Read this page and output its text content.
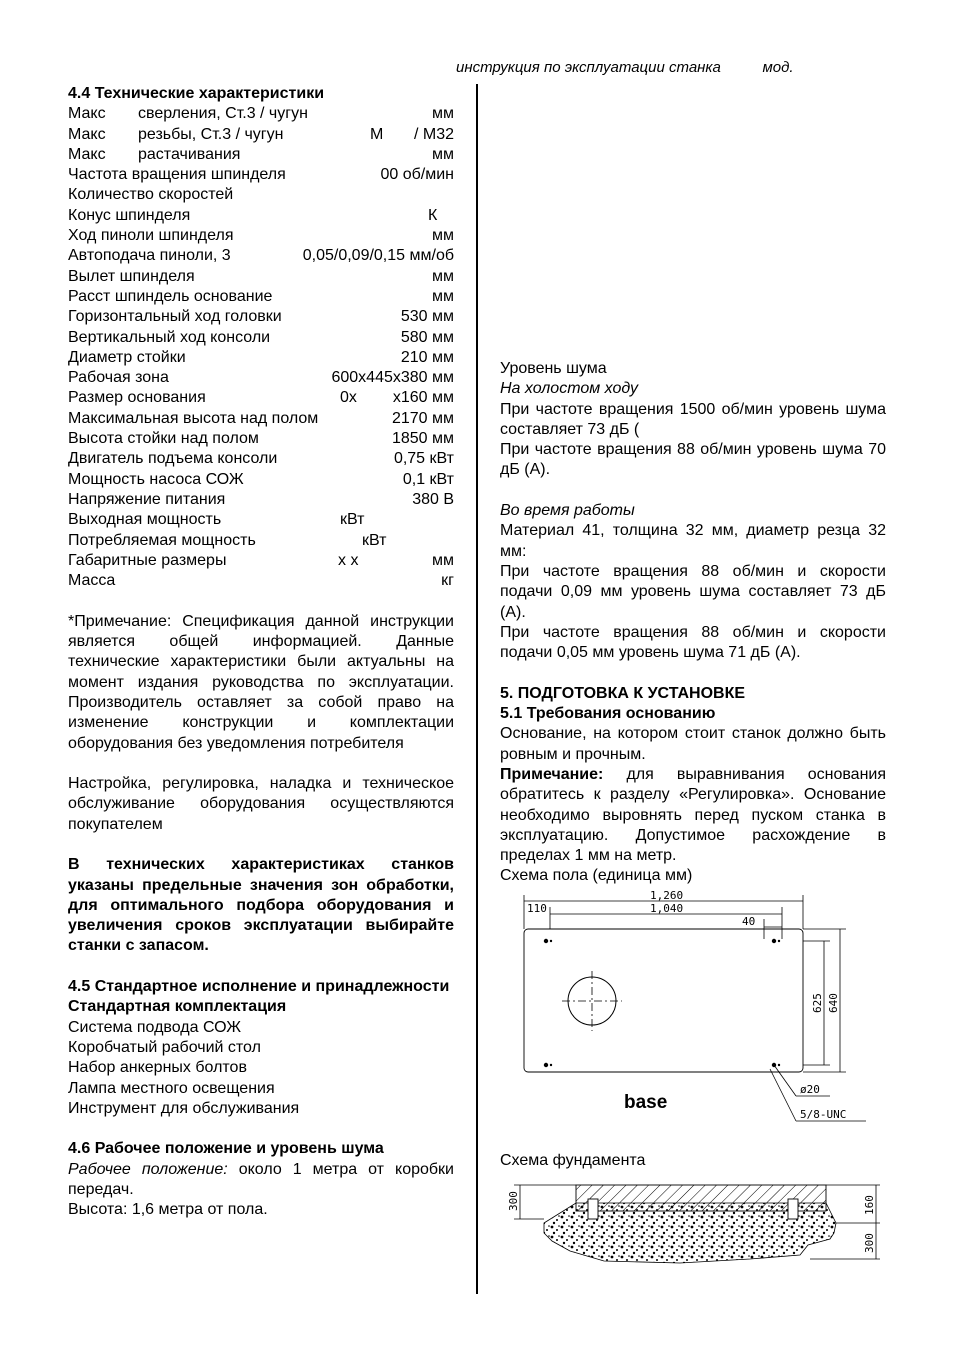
инструкция по эксплуатации станка          мод.
4.4 Технические характеристики
Макс сверления, Ст.3 / чугун	мм
Макс резьбы, Ст.3 / чугун	М / М32
Макс растачивания	мм
Частота вращения шпинделя	00 об/мин
Количество скоростей
Конус шпинделя	К
Ход пиноли шпинделя	мм
Автоподача пиноли, 3	0,05/0,09/0,15 мм/об
Вылет шпинделя	мм
Расст шпиндель основание	мм
Горизонтальный ход головки	530 мм
Вертикальный ход консоли	580 мм
Диаметр стойки	210 мм
Рабочая зона	600х445х380 мм
Размер основания	0х х160 мм
Максимальная высота над полом	2170 мм
Высота стойки над полом	1850 мм
Двигатель подъема консоли	0,75 кВт
Мощность насоса СОЖ	0,1 кВт
Напряжение питания	380 В
Выходная мощность	кВт
Потребляемая мощность	кВт
Габаритные размеры	х х	мм
Масса	кг
*Примечание: Спецификация данной инструкции является общей информацией. Данные технические характеристики были актуальны на момент издания руководства по эксплуатации. Производитель оставляет за собой право на изменение конструкции и комплектации оборудования без уведомления потребителя
Настройка, регулировка, наладка и техническое обслуживание оборудования осуществляются покупателем
В технических характеристиках станков указаны предельные значения зон обработки, для оптимального подбора оборудования и увеличения сроков эксплуатации выбирайте станки с запасом.
4.5 Стандартное исполнение и принадлежности
Стандартная комплектация
Система подвода СОЖ
Коробчатый рабочий стол
Набор анкерных болтов
Лампа местного освещения
Инструмент для обслуживания
4.6 Рабочее положение и уровень шума
Рабочее положение: около 1 метра от коробки передач.
Высота: 1,6 метра от пола.
Уровень шума
На холостом ходу
При частоте вращения 1500 об/мин уровень шума составляет 73 дБ (
При частоте вращения 88 об/мин уровень шума 70 дБ (А).
Во время работы
Материал 41, толщина 32 мм, диаметр резца 32 мм:
При частоте вращения 88 об/мин и скорости подачи 0,09 мм уровень шума составляет 73 дБ (А).
При частоте вращения 88 об/мин и скорости подачи 0,05 мм уровень шума 71 дБ (А).
5. ПОДГОТОВКА К УСТАНОВКЕ
5.1 Требования основанию
Основание, на котором стоит станок должно быть ровным и прочным.
Примечание: для выравнивания основания обратитесь к разделу «Регулировка». Основание необходимо выровнять перед пуском станка в эксплуатацию. Допустимое расхождение в пределах 1 мм на метр.
Схема пола (единица мм)
1,260
1,040
110
40
625 640
ø20
5/8-UNC
base
Схема фундамента
300	160
300
